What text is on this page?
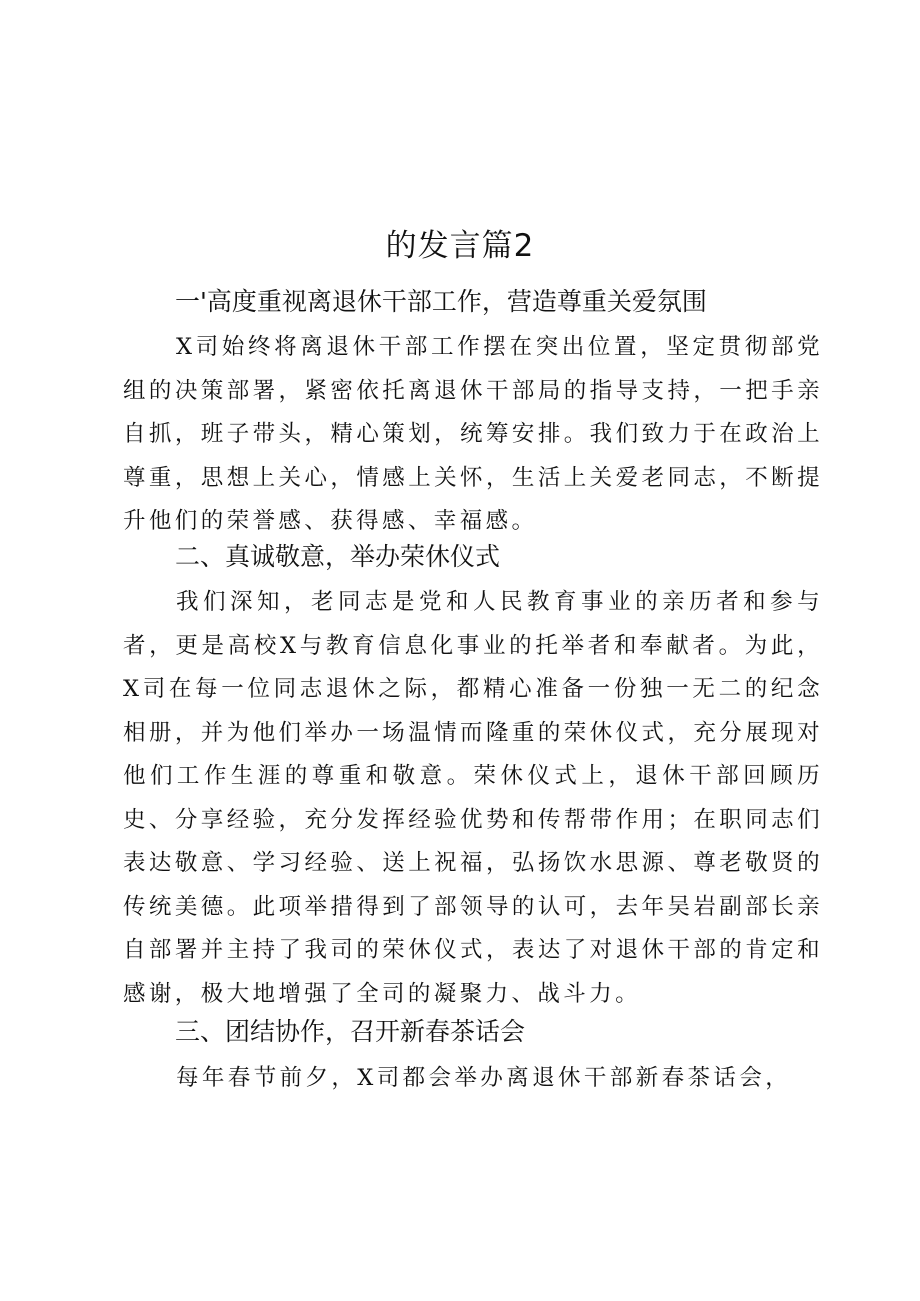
的发言篇2
一'高度重视离退休干部工作，营造尊重关爱氛围

X司始终将离退休干部工作摆在突出位置，坚定贯彻部党组的决策部署，紧密依托离退休干部局的指导支持，一把手亲自抓，班子带头，精心策划，统筹安排。我们致力于在政治上尊重，思想上关心，情感上关怀，生活上关爱老同志，不断提升他们的荣誉感、获得感、幸福感。

二、真诚敬意，举办荣休仪式

我们深知，老同志是党和人民教育事业的亲历者和参与者，更是高校X与教育信息化事业的托举者和奉献者。为此，X司在每一位同志退休之际，都精心准备一份独一无二的纪念相册，并为他们举办一场温情而隆重的荣休仪式，充分展现对他们工作生涯的尊重和敬意。荣休仪式上，退休干部回顾历史、分享经验，充分发挥经验优势和传帮带作用；在职同志们表达敬意、学习经验、送上祝福，弘扬饮水思源、尊老敬贤的传统美德。此项举措得到了部领导的认可，去年吴岩副部长亲自部署并主持了我司的荣休仪式，表达了对退休干部的肯定和感谢，极大地增强了全司的凝聚力、战斗力。

三、团结协作，召开新春茶话会

每年春节前夕，X司都会举办离退休干部新春茶话会，
